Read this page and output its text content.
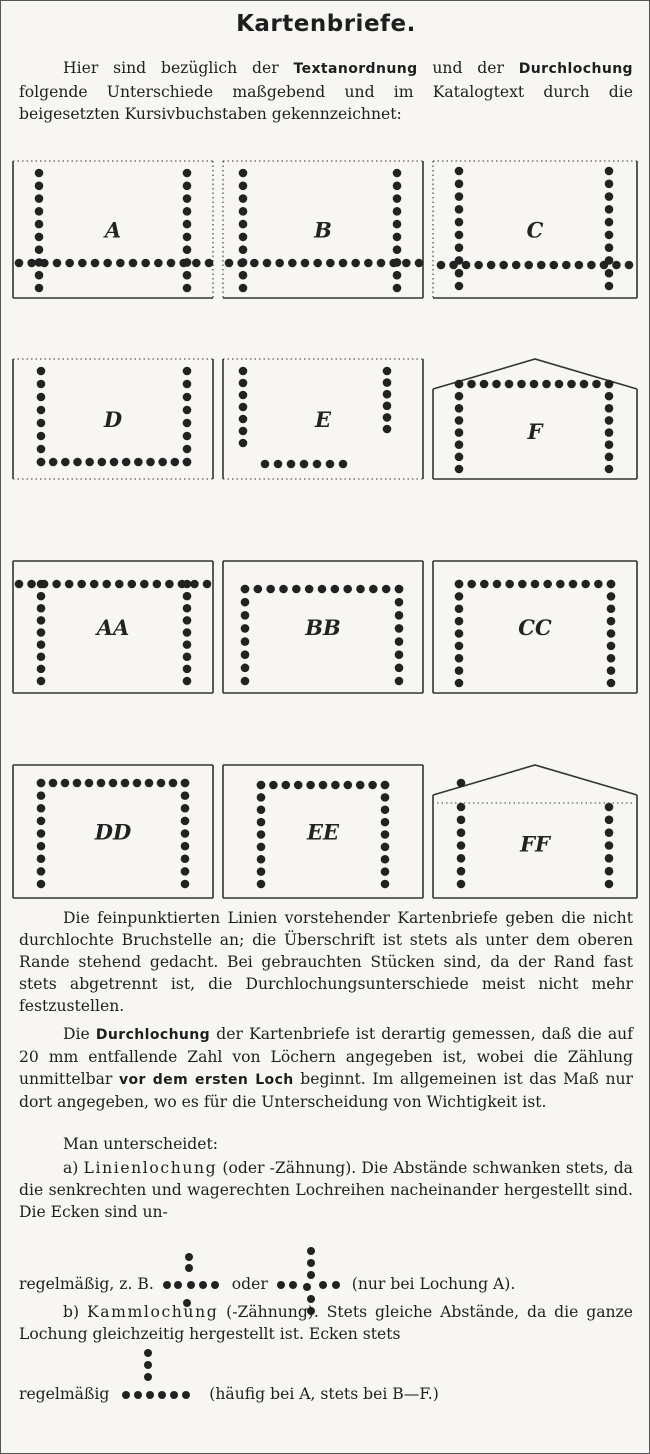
Kartenbriefe.
Hier sind bezüglich der Textanordnung und der Durchlochung folgende Unterschiede maßgebend und im Katalogtext durch die beigesetzten Kursivbuchstaben gekennzeichnet:
A	B	C
D	E	F
AA	BB	CC
DD	EE	FF
Die feinpunktierten Linien vorstehender Kartenbriefe geben die nicht durchlochte Bruchstelle an; die Überschrift ist stets als unter dem oberen Rande stehend gedacht. Bei gebrauchten Stücken sind, da der Rand fast stets abgetrennt ist, die Durchlochungsunterschiede meist nicht mehr festzustellen.
Die Durchlochung der Kartenbriefe ist derartig gemessen, daß die auf 20 mm entfallende Zahl von Löchern angegeben ist, wobei die Zählung unmittelbar vor dem ersten Loch beginnt. Im allgemeinen ist das Maß nur dort angegeben, wo es für die Unterscheidung von Wichtigkeit ist.
Man unterscheidet:
a) Linienlochung (oder -Zähnung). Die Abstände schwanken stets, da die senkrechten und wagerechten Lochreihen nacheinander hergestellt sind. Die Ecken sind un-
regelmäßig, z. B.	oder	(nur bei Lochung A).
b) Kammlochung (-Zähnung). Stets gleiche Abstände, da die ganze Lochung gleichzeitig hergestellt ist. Ecken stets
regelmäßig	(häufig bei A, stets bei B—F.)
